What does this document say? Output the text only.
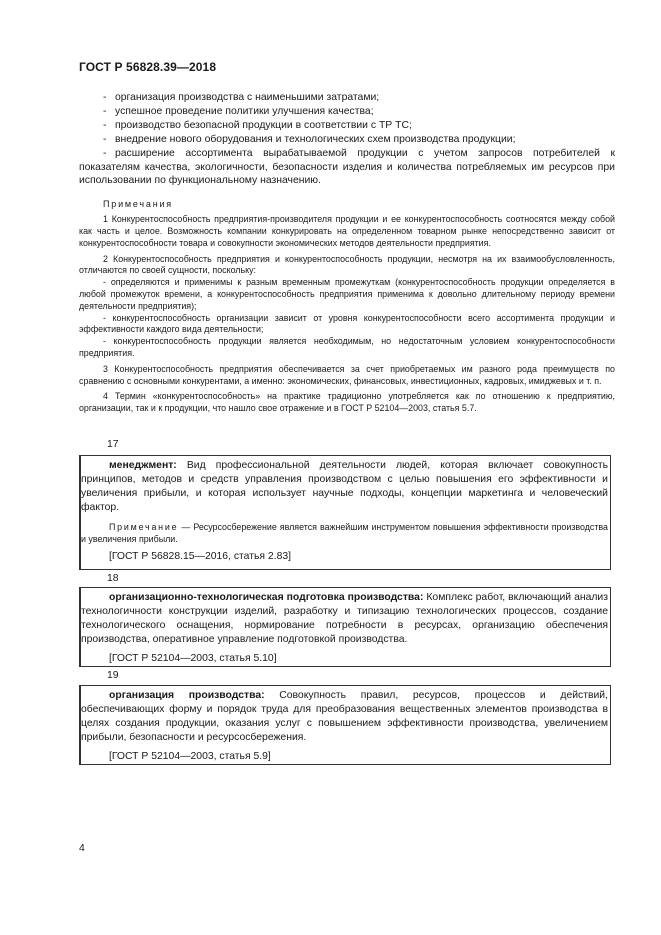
ГОСТ Р 56828.39—2018

- организация производства с наименьшими затратами;

- успешное проведение политики улучшения качества;

- производство безопасной продукции в соответствии с ТР ТС;

- внедрение нового оборудования и технологических схем производства продукции;

- расширение ассортимента вырабатываемой продукции с учетом запросов потребителей к показателям качества, экологичности, безопасности изделия и количества потребляемых им ресурсов при использовании по функциональному назначению.

Примечания

1 Конкурентоспособность предприятия-производителя продукции и ее конкурентоспособность соотносятся между собой как часть и целое. Возможность компании конкурировать на определенном товарном рынке непосредственно зависит от конкурентоспособности товара и совокупности экономических методов деятельности предприятия.

2 Конкурентоспособность предприятия и конкурентоспособность продукции, несмотря на их взаимообусловленность, отличаются по своей сущности, поскольку:

- определяются и применимы к разным временным промежуткам (конкурентоспособность продукции определяется в любой промежуток времени, а конкурентоспособность предприятия применима к довольно длительному периоду времени деятельности предприятия);

- конкурентоспособность организации зависит от уровня конкурентоспособности всего ассортимента продукции и эффективности каждого вида деятельности;

- конкурентоспособность продукции является необходимым, но недостаточным условием конкурентоспособности предприятия.

3 Конкурентоспособность предприятия обеспечивается за счет приобретаемых им разного рода преимуществ по сравнению с основными конкурентами, а именно: экономических, финансовых, инвестиционных, кадровых, имиджевых и т. п.

4 Термин «конкурентоспособность» на практике традиционно употребляется как по отношению к предприятию, организации, так и к продукции, что нашло свое отражение и в ГОСТ Р 52104—2003, статья 5.7.

17

менеджмент: Вид профессиональной деятельности людей, которая включает совокупность принципов, методов и средств управления производством с целью повышения его эффективности и увеличения прибыли, и которая использует научные подходы, концепции маркетинга и человеческий фактор.

Примечание — Ресурсосбережение является важнейшим инструментом повышения эффективности производства и увеличения прибыли.

[ГОСТ Р 56828.15—2016, статья 2.83]

18

организационно-технологическая подготовка производства: Комплекс работ, включающий анализ технологичности конструкции изделий, разработку и типизацию технологических процессов, создание технологического оснащения, нормирование потребности в ресурсах, организацию обеспечения производства, оперативное управление подготовкой производства.

[ГОСТ Р 52104—2003, статья 5.10]

19

организация производства: Совокупность правил, ресурсов, процессов и действий, обеспечивающих форму и порядок труда для преобразования вещественных элементов производства в целях создания продукции, оказания услуг с повышением эффективности производства, увеличением прибыли, безопасности и ресурсосбережения.

[ГОСТ Р 52104—2003, статья 5.9]

4
